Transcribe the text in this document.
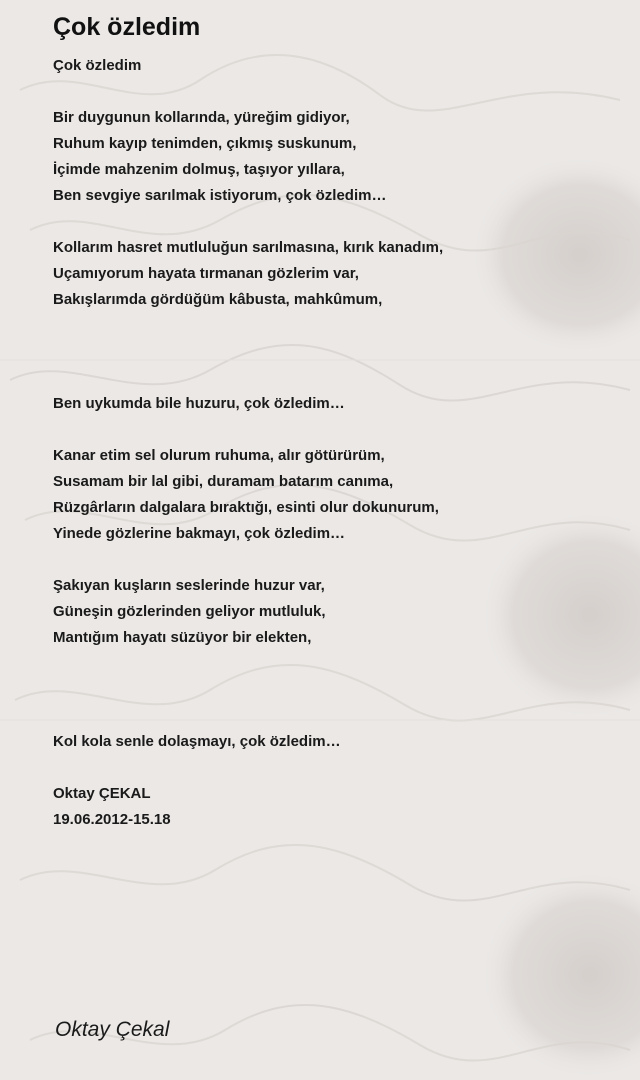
Çok özledim
Çok özledim
Bir duygunun kollarında, yüreğim gidiyor,
Ruhum kayıp tenimden, çıkmış suskunum,
İçimde mahzenim dolmuş, taşıyor yıllara,
Ben sevgiye sarılmak istiyorum, çok özledim…
Kollarım hasret mutluluğun sarılmasına, kırık kanadım,
Uçamıyorum hayata tırmanan gözlerim var,
Bakışlarımda gördüğüm kâbusta, mahkûmum,
Ben uykumda bile huzuru, çok özledim…
Kanar etim sel olurum ruhuma, alır götürürüm,
Susamam bir lal gibi, duramam batarım canıma,
Rüzgârların dalgalara bıraktığı, esinti olur dokunurum,
Yinede gözlerine bakmayı, çok özledim…
Şakıyan kuşların seslerinde huzur var,
Güneşin gözlerinden geliyor mutluluk,
Mantığım hayatı süzüyor bir elekten,
Kol kola senle dolaşmayı, çok özledim…
Oktay ÇEKAL
19.06.2012-15.18
Oktay Çekal
